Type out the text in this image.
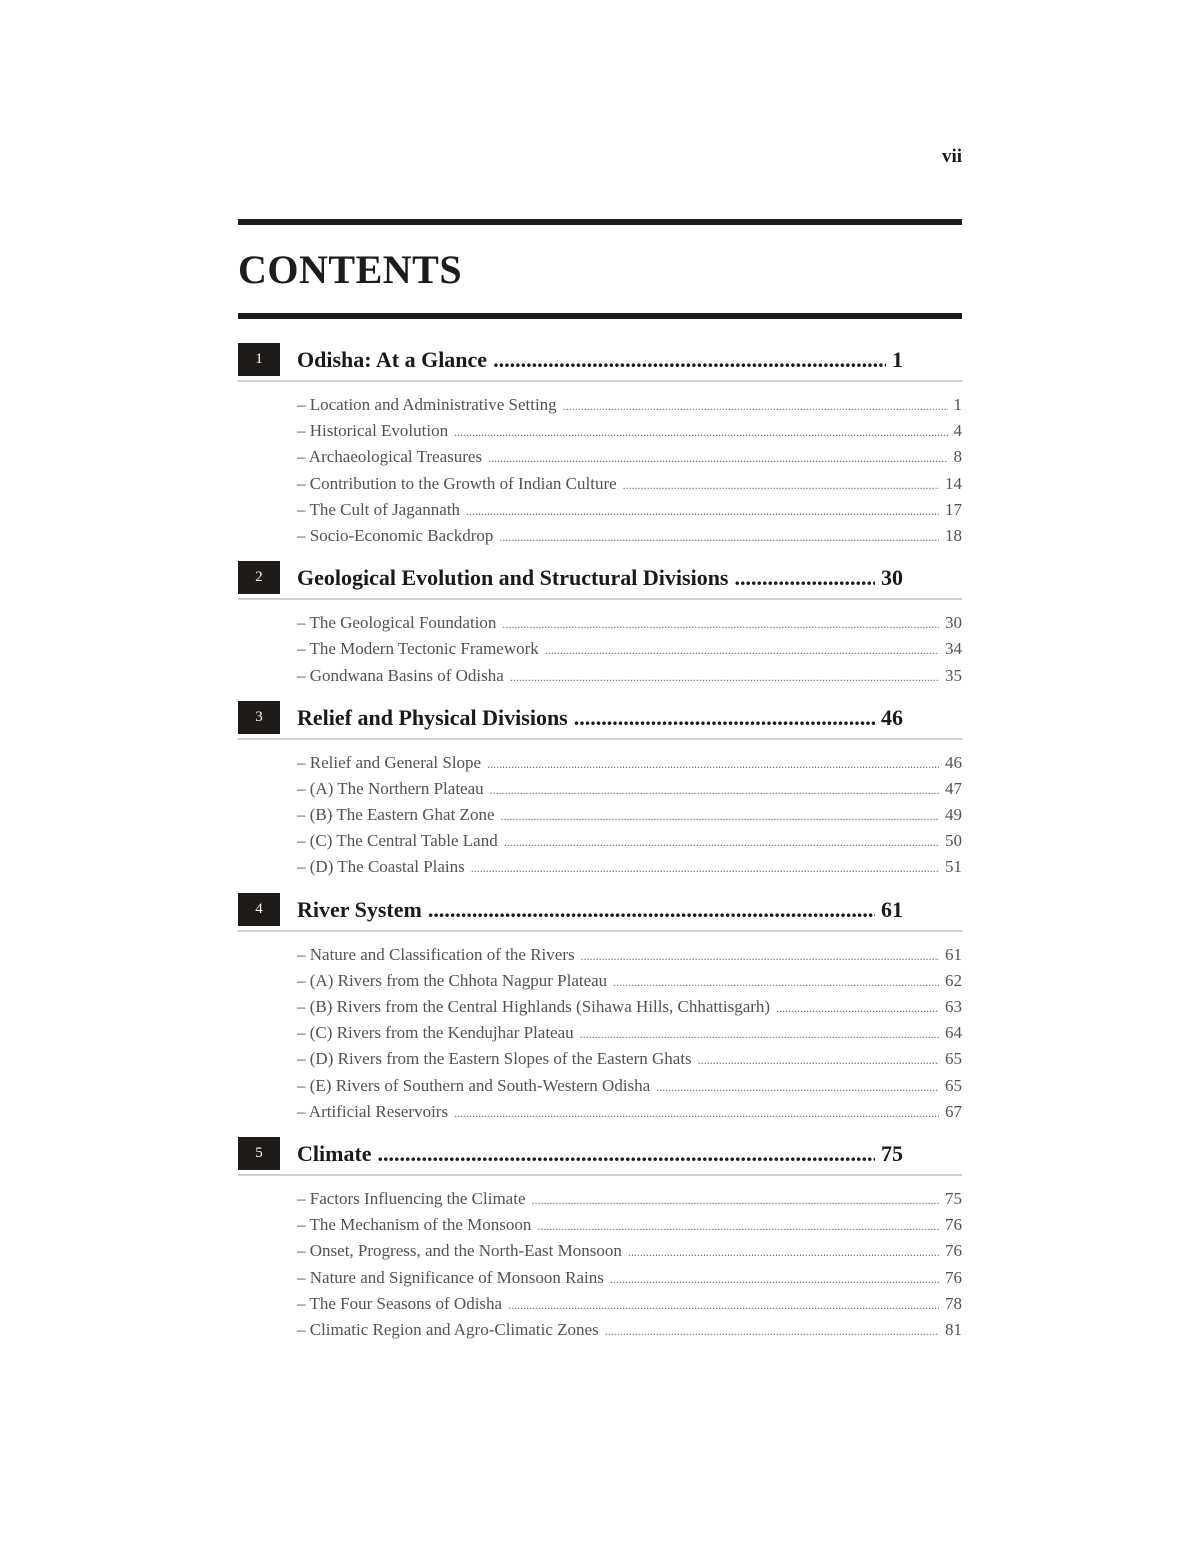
vii
CONTENTS
1	Odisha: At a Glance .....	1
– Location and Administrative Setting .....	1
– Historical Evolution .....	4
– Archaeological Treasures .....	8
– Contribution to the Growth of Indian Culture .....	14
– The Cult of Jagannath .....	17
– Socio-Economic Backdrop .....	18
2	Geological Evolution and Structural Divisions .....	30
– The Geological Foundation .....	30
– The Modern Tectonic Framework .....	34
– Gondwana Basins of Odisha .....	35
3	Relief and Physical Divisions .....	46
– Relief and General Slope .....	46
– (A) The Northern Plateau .....	47
– (B) The Eastern Ghat Zone .....	49
– (C) The Central Table Land .....	50
– (D) The Coastal Plains .....	51
4	River System .....	61
– Nature and Classification of the Rivers .....	61
– (A) Rivers from the Chhota Nagpur Plateau .....	62
– (B) Rivers from the Central Highlands (Sihawa Hills, Chhattisgarh) .....	63
– (C) Rivers from the Kendujhar Plateau .....	64
– (D) Rivers from the Eastern Slopes of the Eastern Ghats .....	65
– (E) Rivers of Southern and South-Western Odisha .....	65
– Artificial Reservoirs .....	67
5	Climate .....	75
– Factors Influencing the Climate .....	75
– The Mechanism of the Monsoon .....	76
– Onset, Progress, and the North-East Monsoon .....	76
– Nature and Significance of Monsoon Rains .....	76
– The Four Seasons of Odisha .....	78
– Climatic Region and Agro-Climatic Zones .....	81
